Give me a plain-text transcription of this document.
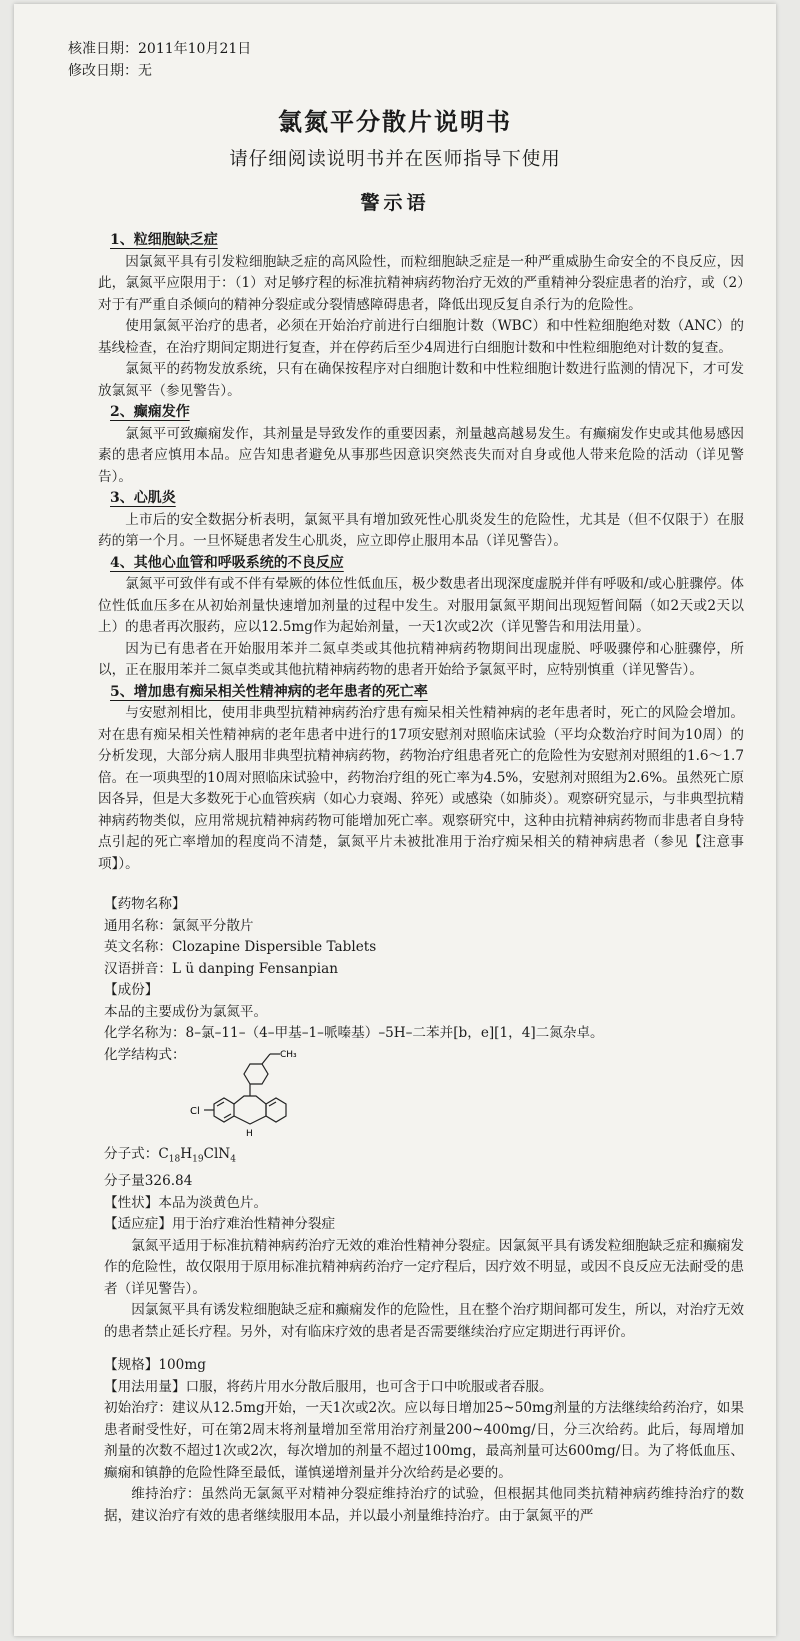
核准日期：2011年10月21日
修改日期：无
氯氮平分散片说明书
请仔细阅读说明书并在医师指导下使用
警示语
1、粒细胞缺乏症

因氯氮平具有引发粒细胞缺乏症的高风险性，而粒细胞缺乏症是一种严重威胁生命安全的不良反应，因此，氯氮平应限用于：（1）对足够疗程的标准抗精神病药物治疗无效的严重精神分裂症患者的治疗，或（2）对于有严重自杀倾向的精神分裂症或分裂情感障碍患者，降低出现反复自杀行为的危险性。

使用氯氮平治疗的患者，必须在开始治疗前进行白细胞计数（WBC）和中性粒细胞绝对数（ANC）的基线检查，在治疗期间定期进行复查，并在停药后至少4周进行白细胞计数和中性粒细胞绝对计数的复查。

氯氮平的药物发放系统，只有在确保按程序对白细胞计数和中性粒细胞计数进行监测的情况下，才可发放氯氮平（参见警告）。

2、癫痫发作

氯氮平可致癫痫发作，其剂量是导致发作的重要因素，剂量越高越易发生。有癫痫发作史或其他易感因素的患者应慎用本品。应告知患者避免从事那些因意识突然丧失而对自身或他人带来危险的活动（详见警告）。

3、心肌炎

上市后的安全数据分析表明，氯氮平具有增加致死性心肌炎发生的危险性，尤其是（但不仅限于）在服药的第一个月。一旦怀疑患者发生心肌炎，应立即停止服用本品（详见警告）。

4、其他心血管和呼吸系统的不良反应

氯氮平可致伴有或不伴有晕厥的体位性低血压，极少数患者出现深度虚脱并伴有呼吸和/或心脏骤停。体位性低血压多在从初始剂量快速增加剂量的过程中发生。对服用氯氮平期间出现短暂间隔（如2天或2天以上）的患者再次服药，应以12.5mg作为起始剂量，一天1次或2次（详见警告和用法用量）。

因为已有患者在开始服用苯并二氮卓类或其他抗精神病药物期间出现虚脱、呼吸骤停和心脏骤停，所以，正在服用苯并二氮卓类或其他抗精神病药物的患者开始给予氯氮平时，应特别慎重（详见警告）。

5、增加患有痴呆相关性精神病的老年患者的死亡率

与安慰剂相比，使用非典型抗精神病药治疗患有痴呆相关性精神病的老年患者时，死亡的风险会增加。对在患有痴呆相关性精神病的老年患者中进行的17项安慰剂对照临床试验（平均众数治疗时间为10周）的分析发现，大部分病人服用非典型抗精神病药物，药物治疗组患者死亡的危险性为安慰剂对照组的1.6～1.7倍。在一项典型的10周对照临床试验中，药物治疗组的死亡率为4.5%，安慰剂对照组为2.6%。虽然死亡原因各异，但是大多数死于心血管疾病（如心力衰竭、猝死）或感染（如肺炎）。观察研究显示，与非典型抗精神病药物类似，应用常规抗精神病药物可能增加死亡率。观察研究中，这种由抗精神病药物而非患者自身特点引起的死亡率增加的程度尚不清楚，氯氮平片未被批准用于治疗痴呆相关的精神病患者（参见【注意事项】）。

【药物名称】

通用名称：氯氮平分散片

英文名称：Clozapine Dispersible Tablets

汉语拼音：L ü danping Fensanpian

【成份】

本品的主要成份为氯氮平。

化学名称为：8–氯–11–（4–甲基–1–哌嗪基）–5H–二苯并[b，e][1，4]二氮杂卓。

化学结构式：

Cl
H
CH₃

分子式：$C_{18}H_{19}ClN_4$

分子量326.84

【性状】本品为淡黄色片。

【适应症】用于治疗难治性精神分裂症

氯氮平适用于标准抗精神病药治疗无效的难治性精神分裂症。因氯氮平具有诱发粒细胞缺乏症和癫痫发作的危险性，故仅限用于原用标准抗精神病药治疗一定疗程后，因疗效不明显，或因不良反应无法耐受的患者（详见警告）。

因氯氮平具有诱发粒细胞缺乏症和癫痫发作的危险性，且在整个治疗期间都可发生，所以，对治疗无效的患者禁止延长疗程。另外，对有临床疗效的患者是否需要继续治疗应定期进行再评价。

【规格】100mg

【用法用量】口服，将药片用水分散后服用，也可含于口中吮服或者吞服。

初始治疗：建议从12.5mg开始，一天1次或2次。应以每日增加25~50mg剂量的方法继续给药治疗，如果患者耐受性好，可在第2周末将剂量增加至常用治疗剂量200~400mg/日，分三次给药。此后，每周增加剂量的次数不超过1次或2次，每次增加的剂量不超过100mg，最高剂量可达600mg/日。为了将低血压、癫痫和镇静的危险性降至最低，谨慎递增剂量并分次给药是必要的。

维持治疗：虽然尚无氯氮平对精神分裂症维持治疗的试验，但根据其他同类抗精神病药维持治疗的数据，建议治疗有效的患者继续服用本品，并以最小剂量维持治疗。由于氯氮平的严
